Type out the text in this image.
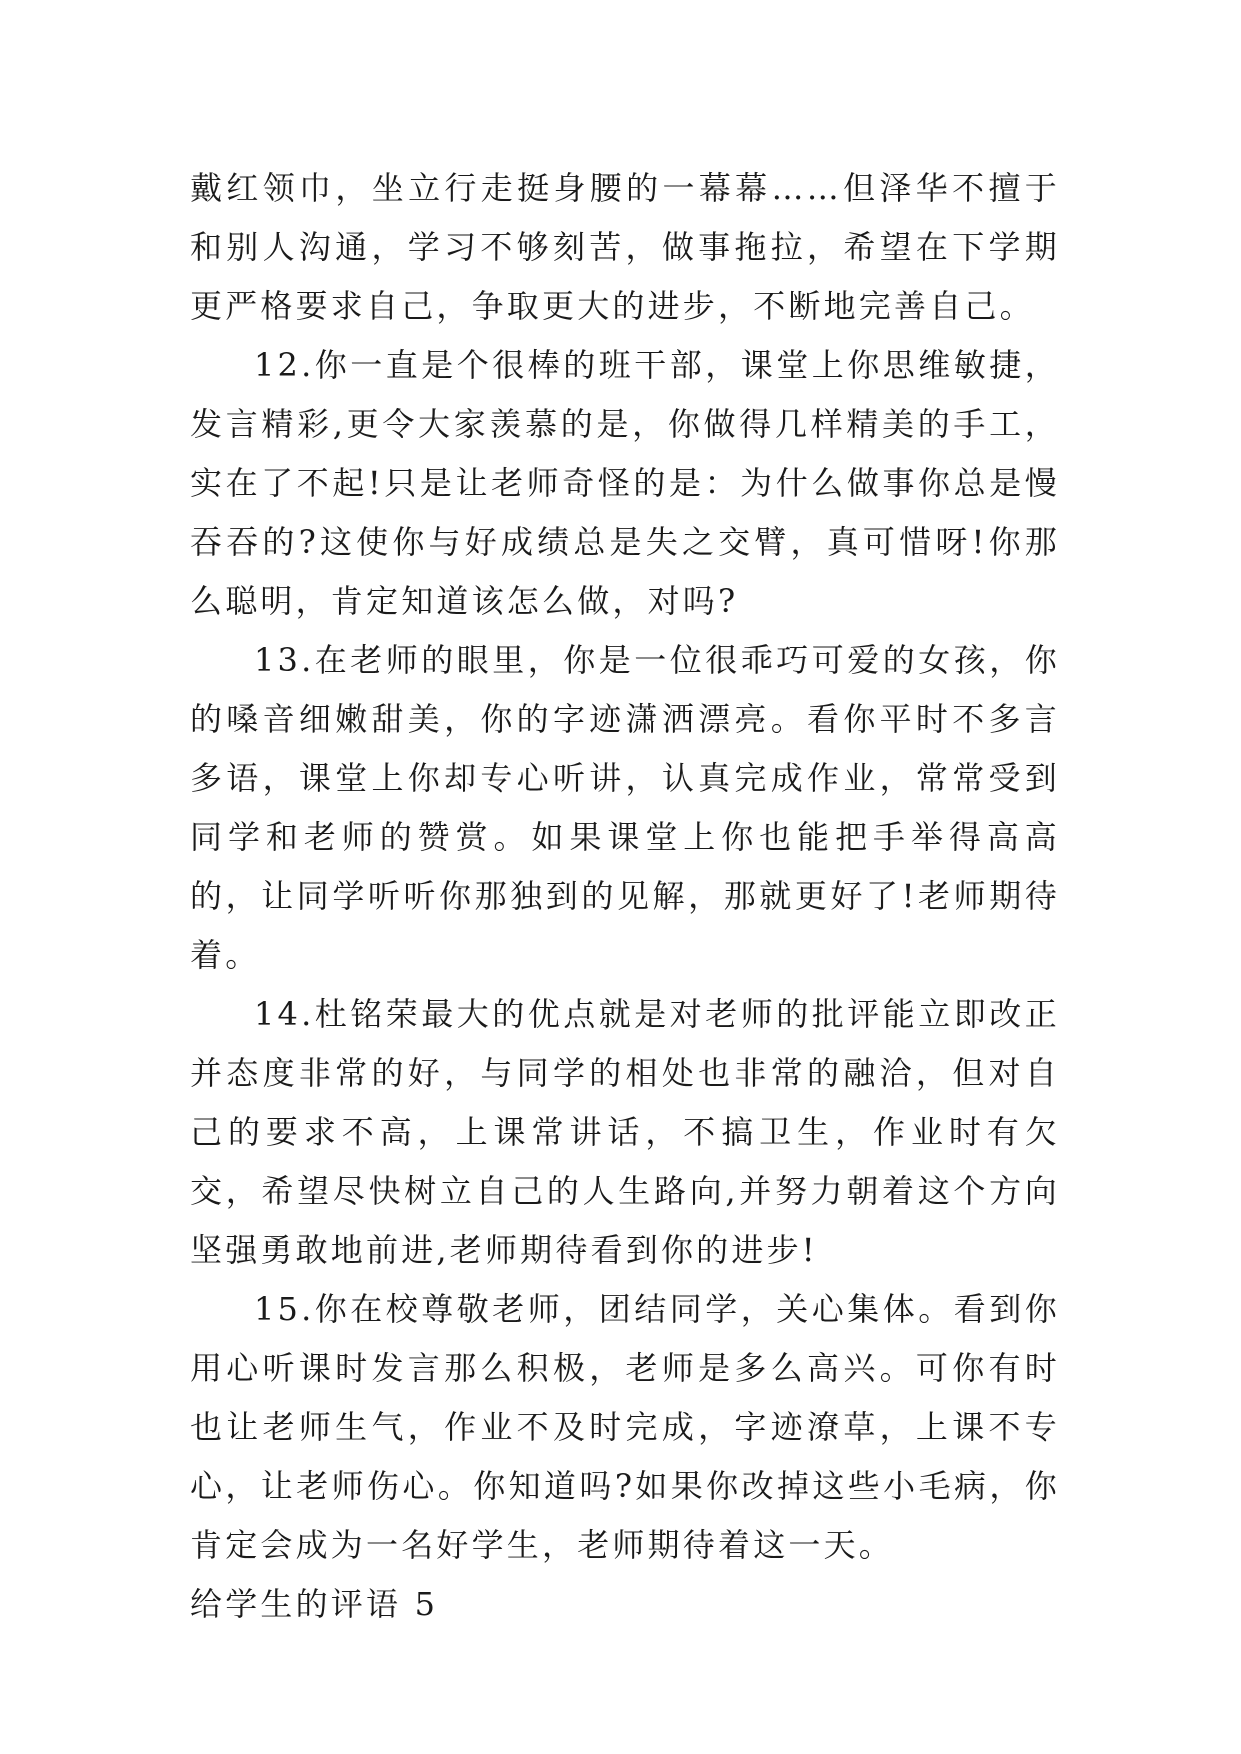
戴红领巾，坐立行走挺身腰的一幕幕……但泽华不擅于和别人沟通，学习不够刻苦，做事拖拉，希望在下学期更严格要求自己，争取更大的进步，不断地完善自己。

12.你一直是个很棒的班干部，课堂上你思维敏捷，发言精彩,更令大家羡慕的是，你做得几样精美的手工，实在了不起!只是让老师奇怪的是：为什么做事你总是慢吞吞的?这使你与好成绩总是失之交臂，真可惜呀!你那么聪明，肯定知道该怎么做，对吗?

13.在老师的眼里，你是一位很乖巧可爱的女孩，你的嗓音细嫩甜美，你的字迹潇洒漂亮。看你平时不多言多语，课堂上你却专心听讲，认真完成作业，常常受到同学和老师的赞赏。如果课堂上你也能把手举得高高的，让同学听听你那独到的见解，那就更好了!老师期待着。

14.杜铭荣最大的优点就是对老师的批评能立即改正并态度非常的好，与同学的相处也非常的融洽，但对自己的要求不高，上课常讲话，不搞卫生，作业时有欠交，希望尽快树立自己的人生路向,并努力朝着这个方向坚强勇敢地前进,老师期待看到你的进步!

15.你在校尊敬老师，团结同学，关心集体。看到你用心听课时发言那么积极，老师是多么高兴。可你有时也让老师生气，作业不及时完成，字迹潦草，上课不专心，让老师伤心。你知道吗?如果你改掉这些小毛病，你肯定会成为一名好学生，老师期待着这一天。

给学生的评语 5
